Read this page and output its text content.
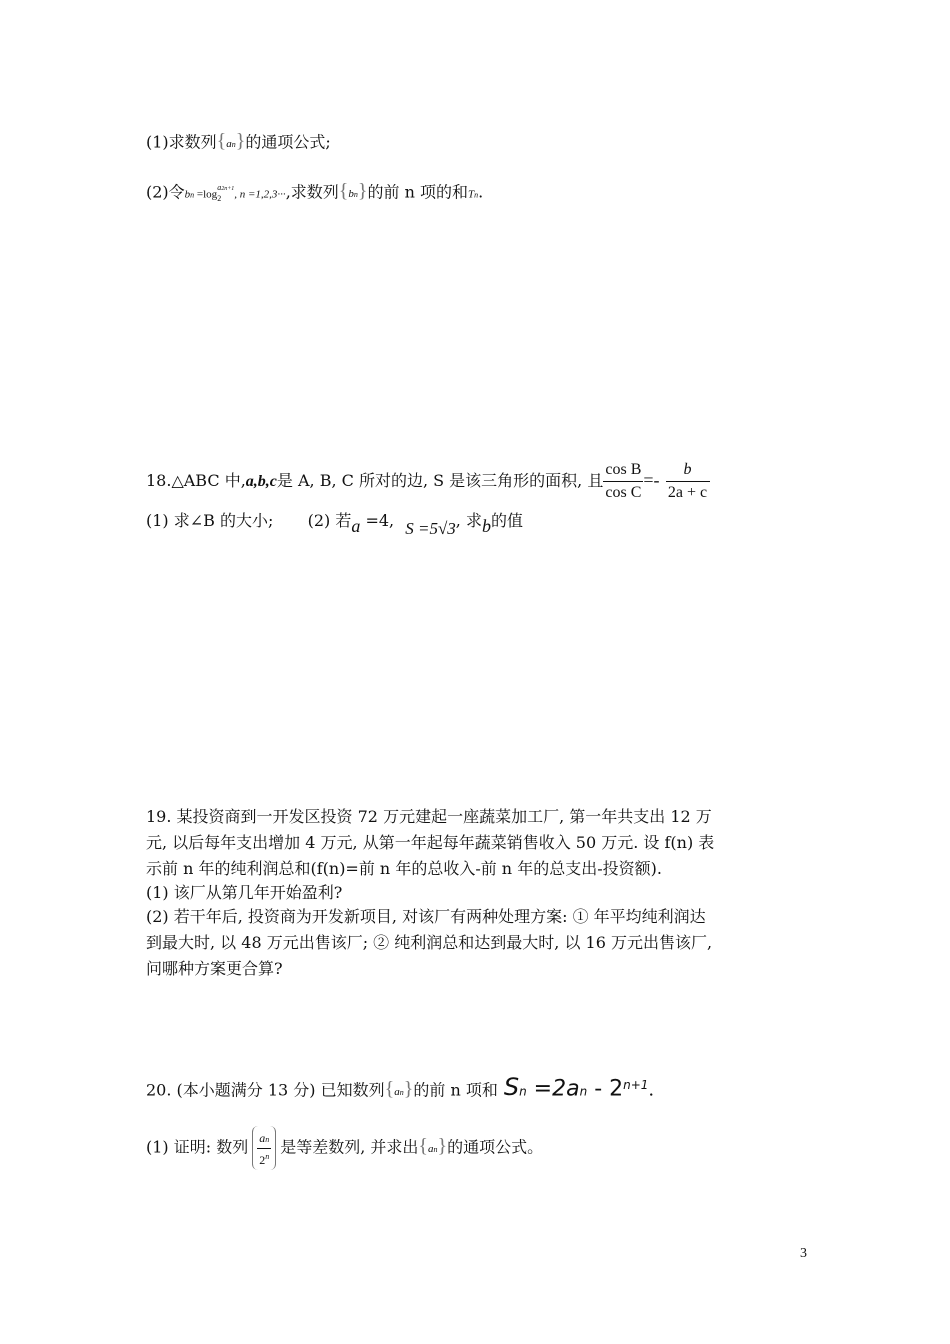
(1)求数列{an}的通项公式;
(2)令bn =log
a2n+1
2	, n =1,2,3···,求数列{bn}的前 n 项的和Tn.
18.△ABC 中,a,b,c是 A, B, C 所对的边, S 是该三角形的面积, 且 $\frac{\text{cos B}}{\text{cos C}} =- \frac{b}{2a + c}$
(1) 求∠B 的大小; (2) 若a =4, S =5√3, 求b的值
19. 某投资商到一开发区投资 72 万元建起一座蔬菜加工厂, 第一年共支出 12 万
元, 以后每年支出增加 4 万元, 从第一年起每年蔬菜销售收入 50 万元. 设 f(n) 表
示前 n 年的纯利润总和(f(n)=前 n 年的总收入-前 n 年的总支出-投资额).
(1) 该厂从第几年开始盈利?
(2) 若干年后, 投资商为开发新项目, 对该厂有两种处理方案: ① 年平均纯利润达
到最大时, 以 48 万元出售该厂; ② 纯利润总和达到最大时, 以 16 万元出售该厂,
问哪种方案更合算?
20. (本小题满分 13 分) 已知数列{an}的前 n 项和 $Sn =2an - 2^{n+1}$.
(1) 证明: 数列 $\frac{an}{2^n}$ 是等差数列, 并求出{an}的通项公式。
3
